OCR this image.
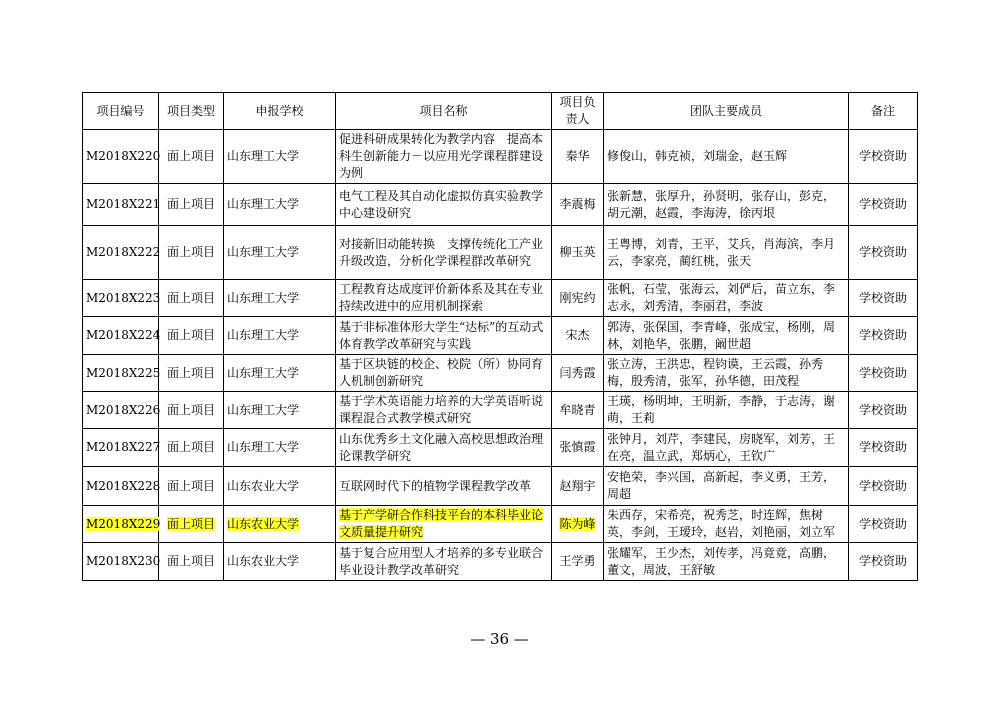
项目编号	项目类型	申报学校	项目名称	项目负责人	团队主要成员	备注
M2018X220	面上项目	山东理工大学	促进科研成果转化为教学内容　提高本科生创新能力－以应用光学课程群建设为例	秦华	修俊山，韩克祯，刘瑞金，赵玉辉	学校资助
M2018X221	面上项目	山东理工大学	电气工程及其自动化虚拟仿真实验教学中心建设研究	李震梅	张新慧，张厚升，孙贤明，张存山，彭克，胡元潮，赵霞，李海涛，徐丙垠	学校资助
M2018X222	面上项目	山东理工大学	对接新旧动能转换　支撑传统化工产业升级改造，分析化学课程群改革研究	柳玉英	王粤博，刘青，王平，艾兵，肖海滨，李月云，李家亮，蔺红桃，张天	学校资助
M2018X223	面上项目	山东理工大学	工程教育达成度评价新体系及其在专业持续改进中的应用机制探索	刚宪约	张帆，石莹，张海云，刘俨后，苗立东，李志永，刘秀清，李丽君，李波	学校资助
M2018X224	面上项目	山东理工大学	基于非标准体形大学生“达标”的互动式体育教学改革研究与实践	宋杰	郭涛，张保国，李青峰，张成宝，杨刚，周林，刘艳华，张鹏，阚世超	学校资助
M2018X225	面上项目	山东理工大学	基于区块链的校企、校院（所）协同育人机制创新研究	闫秀霞	张立涛，王洪忠，程钧谟，王云霞，孙秀梅，殷秀清，张军，孙华德，田茂程	学校资助
M2018X226	面上项目	山东理工大学	基于学术英语能力培养的大学英语听说课程混合式教学模式研究	牟晓青	王瑛，杨明坤，王明新，李静，于志涛，谢萌，王莉	学校资助
M2018X227	面上项目	山东理工大学	山东优秀乡土文化融入高校思想政治理论课教学研究	张慎霞	张钟月，刘芹，李建民，房晓军，刘芳，王在亮，温立武，郑炳心，王钦广	学校资助
M2018X228	面上项目	山东农业大学	互联网时代下的植物学课程教学改革	赵翔宇	安艳荣，李兴国，高新起，李义勇，王芳，周超	学校资助
M2018X229	面上项目	山东农业大学	基于产学研合作科技平台的本科毕业论文质量提升研究	陈为峰	朱西存，宋希亮，祝秀芝，时连辉，焦树英，李剑，王瑷玲，赵岩，刘艳丽，刘立军	学校资助
M2018X230	面上项目	山东农业大学	基于复合应用型人才培养的多专业联合毕业设计教学改革研究	王学勇	张耀军，王少杰，刘传孝，冯竟竟，高鹏，董文，周波，王舒敏	学校资助
— 36 —
